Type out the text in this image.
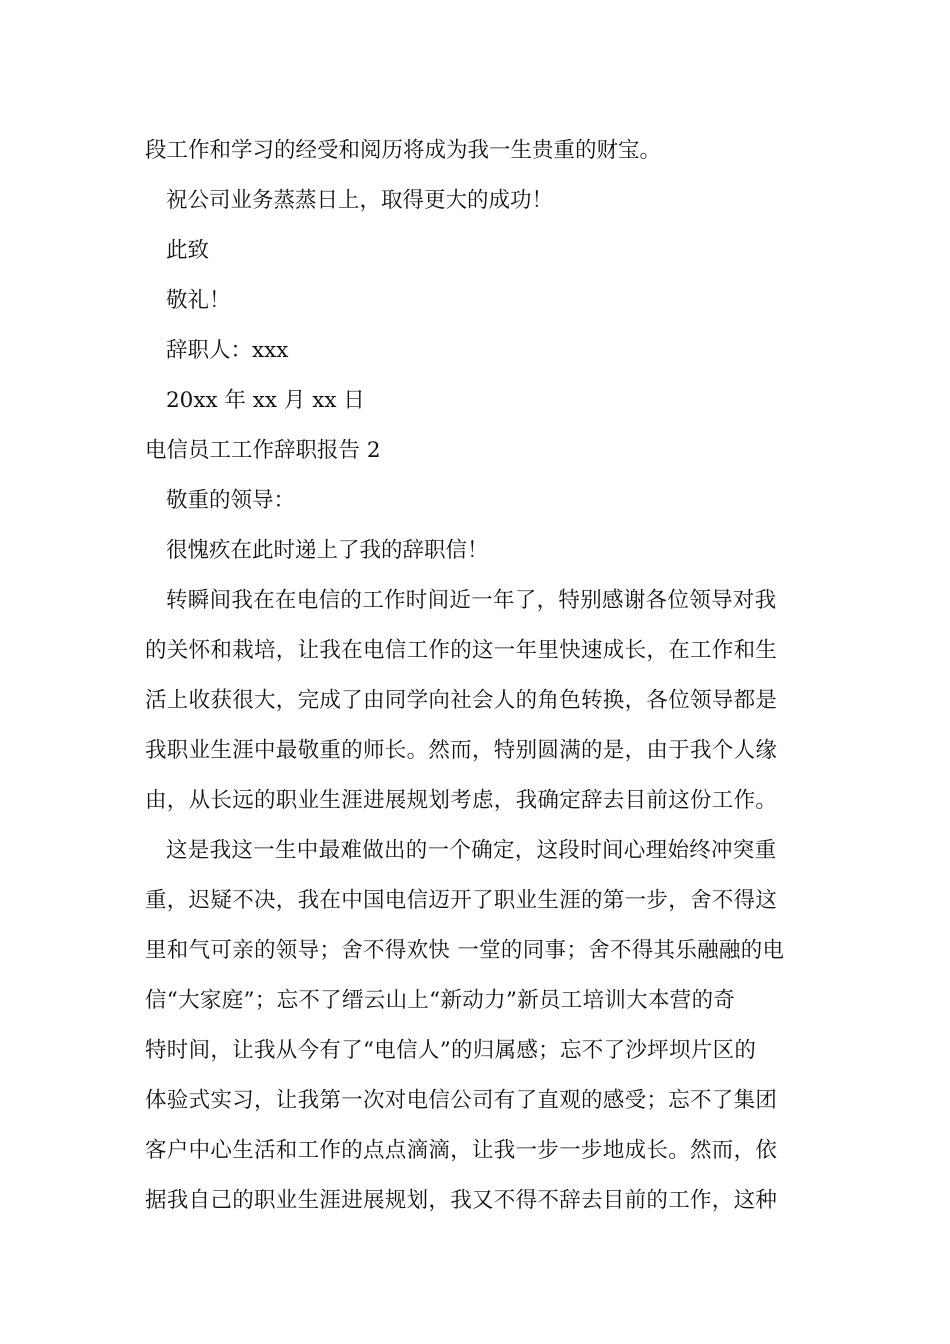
段工作和学习的经受和阅历将成为我一生贵重的财宝。
祝公司业务蒸蒸日上，取得更大的成功！
此致
敬礼！
辞职人：xxx
20xx 年 xx 月 xx 日
电信员工工作辞职报告 2
敬重的领导：
很愧疚在此时递上了我的辞职信！
转瞬间我在在电信的工作时间近一年了，特别感谢各位领导对我
的关怀和栽培，让我在电信工作的这一年里快速成长，在工作和生
活上收获很大，完成了由同学向社会人的角色转换，各位领导都是
我职业生涯中最敬重的师长。然而，特别圆满的是，由于我个人缘
由，从长远的职业生涯进展规划考虑，我确定辞去目前这份工作。
这是我这一生中最难做出的一个确定，这段时间心理始终冲突重
重，迟疑不决，我在中国电信迈开了职业生涯的第一步，舍不得这
里和气可亲的领导；舍不得欢快 一堂的同事；舍不得其乐融融的电
信“大家庭”；忘不了缙云山上“新动力”新员工培训大本营的奇
特时间，让我从今有了“电信人”的归属感；忘不了沙坪坝片区的
体验式实习，让我第一次对电信公司有了直观的感受；忘不了集团
客户中心生活和工作的点点滴滴，让我一步一步地成长。然而，依
据我自己的职业生涯进展规划，我又不得不辞去目前的工作，这种
